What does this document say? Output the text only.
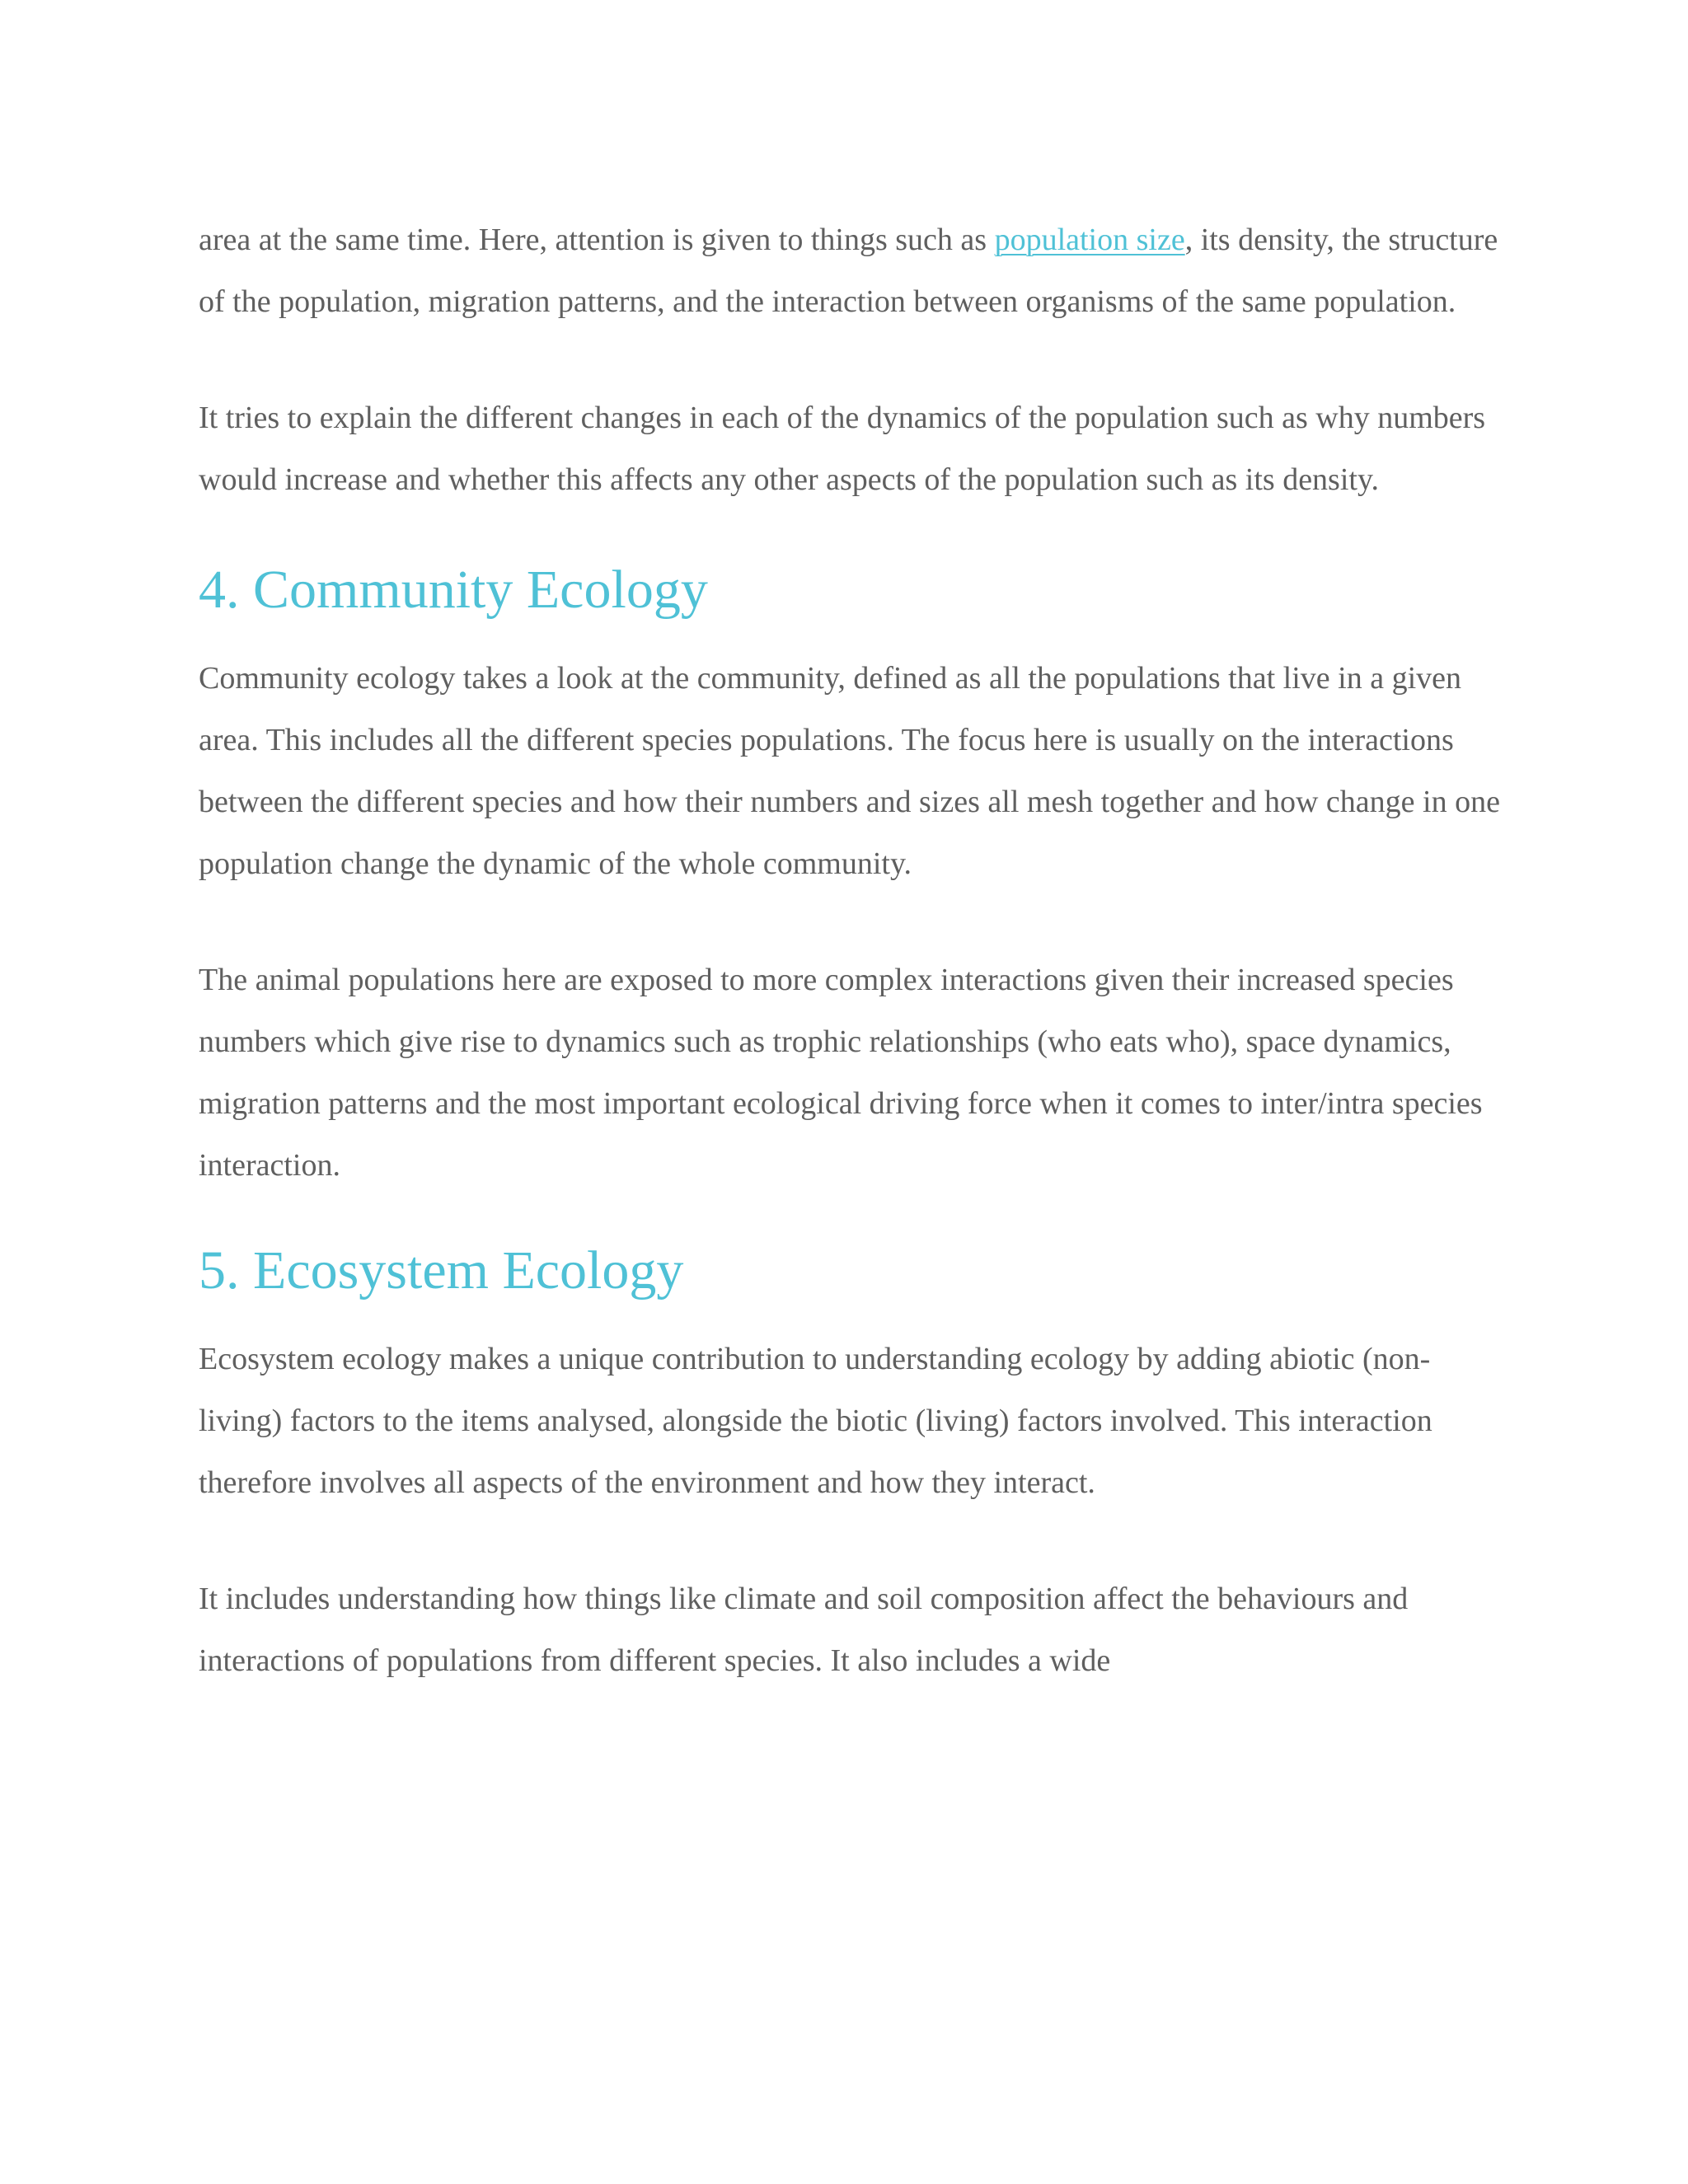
area at the same time. Here, attention is given to things such as population size, its density, the structure of the population, migration patterns, and the interaction between organisms of the same population.

It tries to explain the different changes in each of the dynamics of the population such as why numbers would increase and whether this affects any other aspects of the population such as its density.

4. Community Ecology

Community ecology takes a look at the community, defined as all the populations that live in a given area. This includes all the different species populations. The focus here is usually on the interactions between the different species and how their numbers and sizes all mesh together and how change in one population change the dynamic of the whole community.

The animal populations here are exposed to more complex interactions given their increased species numbers which give rise to dynamics such as trophic relationships (who eats who), space dynamics, migration patterns and the most important ecological driving force when it comes to inter/intra species interaction.

5. Ecosystem Ecology

Ecosystem ecology makes a unique contribution to understanding ecology by adding abiotic (non-living) factors to the items analysed, alongside the biotic (living) factors involved. This interaction therefore involves all aspects of the environment and how they interact.

It includes understanding how things like climate and soil composition affect the behaviours and interactions of populations from different species. It also includes a wide
